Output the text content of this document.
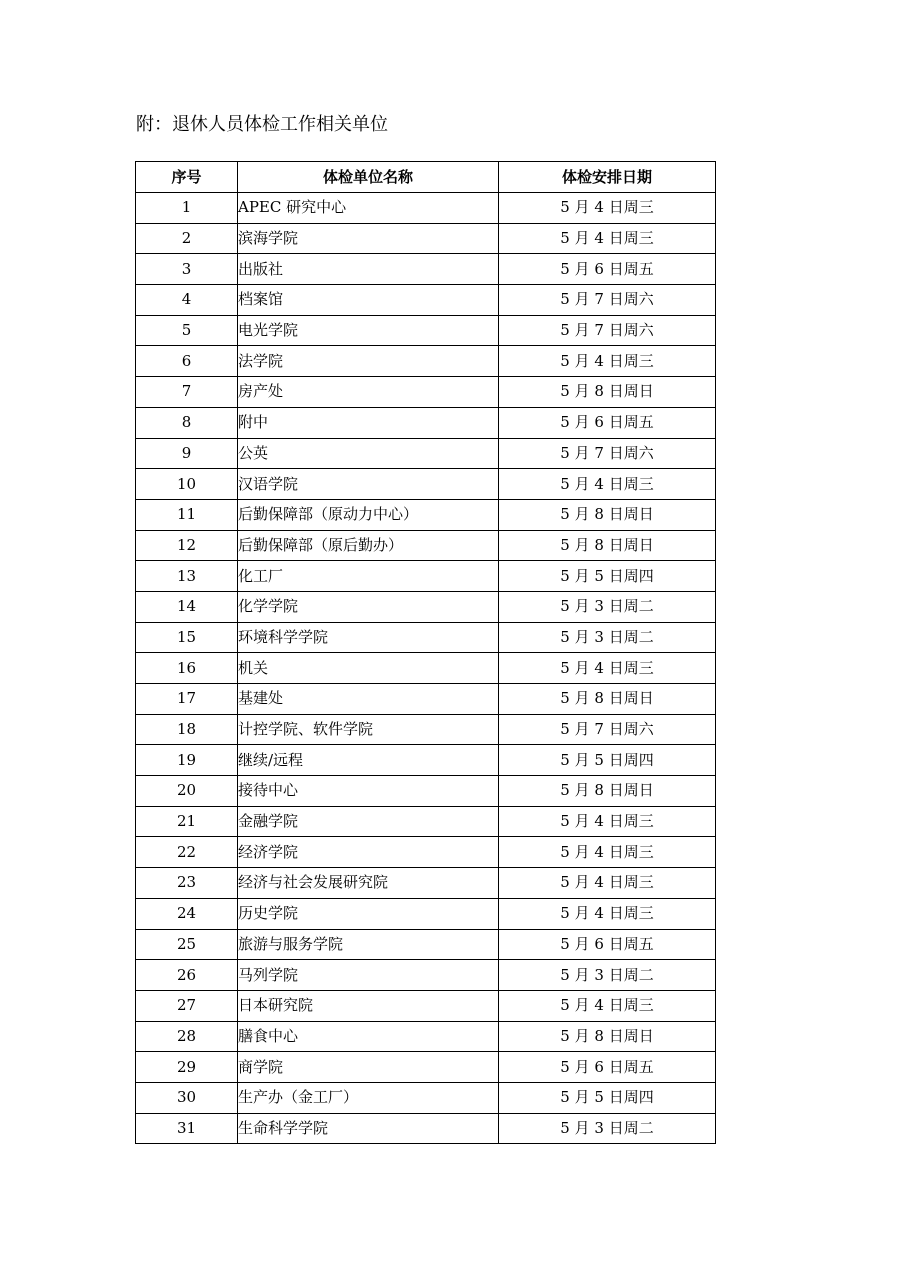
附：退休人员体检工作相关单位
序号	体检单位名称	体检安排日期
1	APEC 研究中心	5 月 4 日周三
2	滨海学院	5 月 4 日周三
3	出版社	5 月 6 日周五
4	档案馆	5 月 7 日周六
5	电光学院	5 月 7 日周六
6	法学院	5 月 4 日周三
7	房产处	5 月 8 日周日
8	附中	5 月 6 日周五
9	公英	5 月 7 日周六
10	汉语学院	5 月 4 日周三
11	后勤保障部（原动力中心）	5 月 8 日周日
12	后勤保障部（原后勤办）	5 月 8 日周日
13	化工厂	5 月 5 日周四
14	化学学院	5 月 3 日周二
15	环境科学学院	5 月 3 日周二
16	机关	5 月 4 日周三
17	基建处	5 月 8 日周日
18	计控学院、软件学院	5 月 7 日周六
19	继续/远程	5 月 5 日周四
20	接待中心	5 月 8 日周日
21	金融学院	5 月 4 日周三
22	经济学院	5 月 4 日周三
23	经济与社会发展研究院	5 月 4 日周三
24	历史学院	5 月 4 日周三
25	旅游与服务学院	5 月 6 日周五
26	马列学院	5 月 3 日周二
27	日本研究院	5 月 4 日周三
28	膳食中心	5 月 8 日周日
29	商学院	5 月 6 日周五
30	生产办（金工厂）	5 月 5 日周四
31	生命科学学院	5 月 3 日周二
